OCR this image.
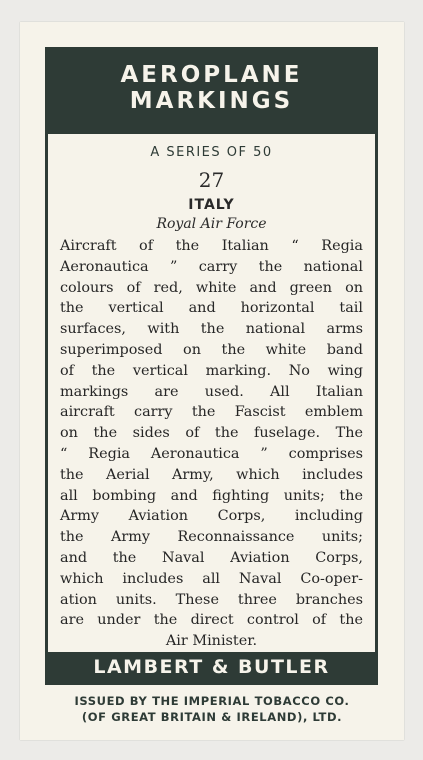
AEROPLANE
MARKINGS
A SERIES OF 50
27
ITALY
Royal Air Force
Aircraft of the Italian “ Regia
Aeronautica ” carry the national
colours of red, white and green on
the vertical and horizontal tail
surfaces, with the national arms
superimposed on the white band
of the vertical marking. No wing
markings are used. All Italian
aircraft carry the Fascist emblem
on the sides of the fuselage. The
“ Regia Aeronautica ” comprises
the Aerial Army, which includes
all bombing and fighting units; the
Army Aviation Corps, including
the Army Reconnaissance units;
and the Naval Aviation Corps,
which includes all Naval Co-oper-
ation units. These three branches
are under the direct control of the
Air Minister.
LAMBERT & BUTLER
ISSUED BY THE IMPERIAL TOBACCO CO.
(OF GREAT BRITAIN & IRELAND), LTD.
